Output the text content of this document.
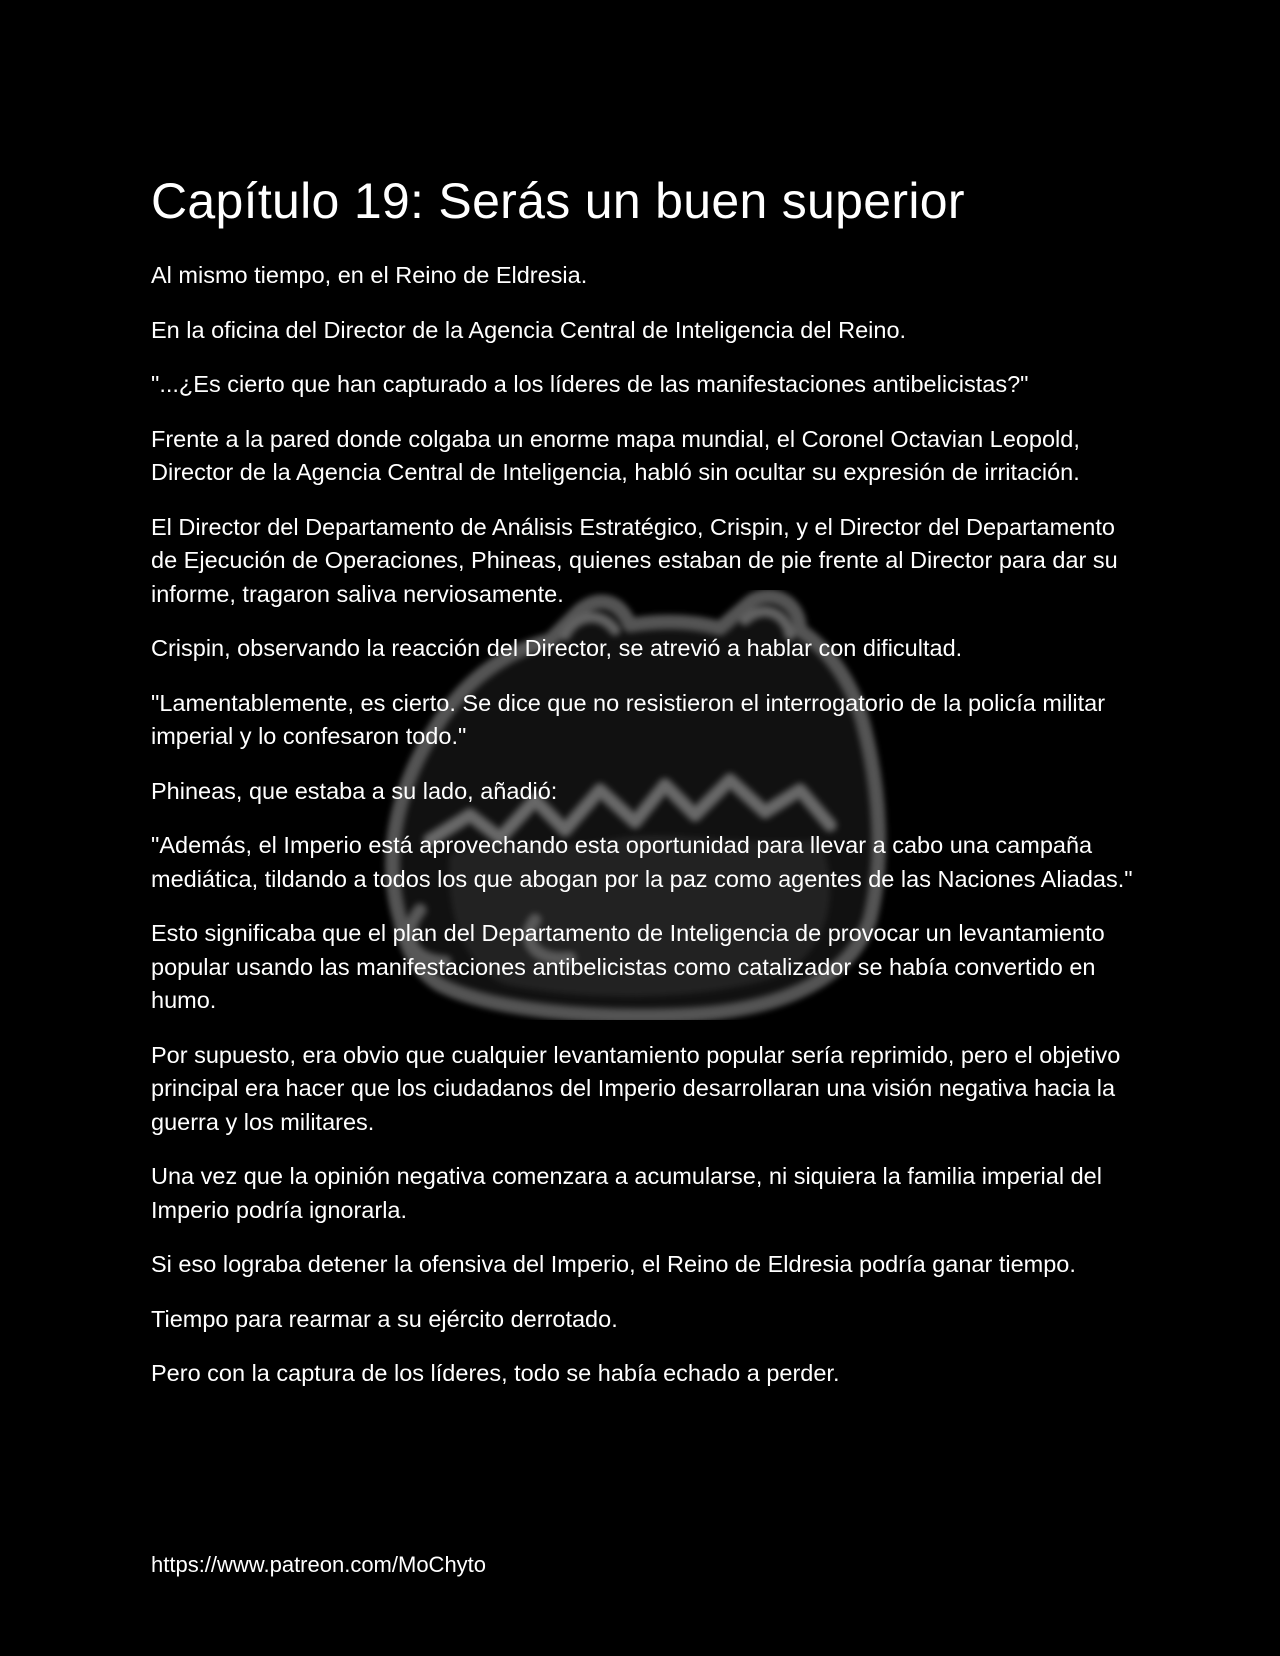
Capítulo 19: Serás un buen superior

Al mismo tiempo, en el Reino de Eldresia.

En la oficina del Director de la Agencia Central de Inteligencia del Reino.

"...¿Es cierto que han capturado a los líderes de las manifestaciones antibelicistas?"

Frente a la pared donde colgaba un enorme mapa mundial, el Coronel Octavian Leopold, Director de la Agencia Central de Inteligencia, habló sin ocultar su expresión de irritación.

El Director del Departamento de Análisis Estratégico, Crispin, y el Director del Departamento de Ejecución de Operaciones, Phineas, quienes estaban de pie frente al Director para dar su informe, tragaron saliva nerviosamente.

Crispin, observando la reacción del Director, se atrevió a hablar con dificultad.

"Lamentablemente, es cierto. Se dice que no resistieron el interrogatorio de la policía militar imperial y lo confesaron todo."

Phineas, que estaba a su lado, añadió:

"Además, el Imperio está aprovechando esta oportunidad para llevar a cabo una campaña mediática, tildando a todos los que abogan por la paz como agentes de las Naciones Aliadas."

Esto significaba que el plan del Departamento de Inteligencia de provocar un levantamiento popular usando las manifestaciones antibelicistas como catalizador se había convertido en humo.

Por supuesto, era obvio que cualquier levantamiento popular sería reprimido, pero el objetivo principal era hacer que los ciudadanos del Imperio desarrollaran una visión negativa hacia la guerra y los militares.

Una vez que la opinión negativa comenzara a acumularse, ni siquiera la familia imperial del Imperio podría ignorarla.

Si eso lograba detener la ofensiva del Imperio, el Reino de Eldresia podría ganar tiempo.

Tiempo para rearmar a su ejército derrotado.

Pero con la captura de los líderes, todo se había echado a perder.

https://www.patreon.com/MoChyto
